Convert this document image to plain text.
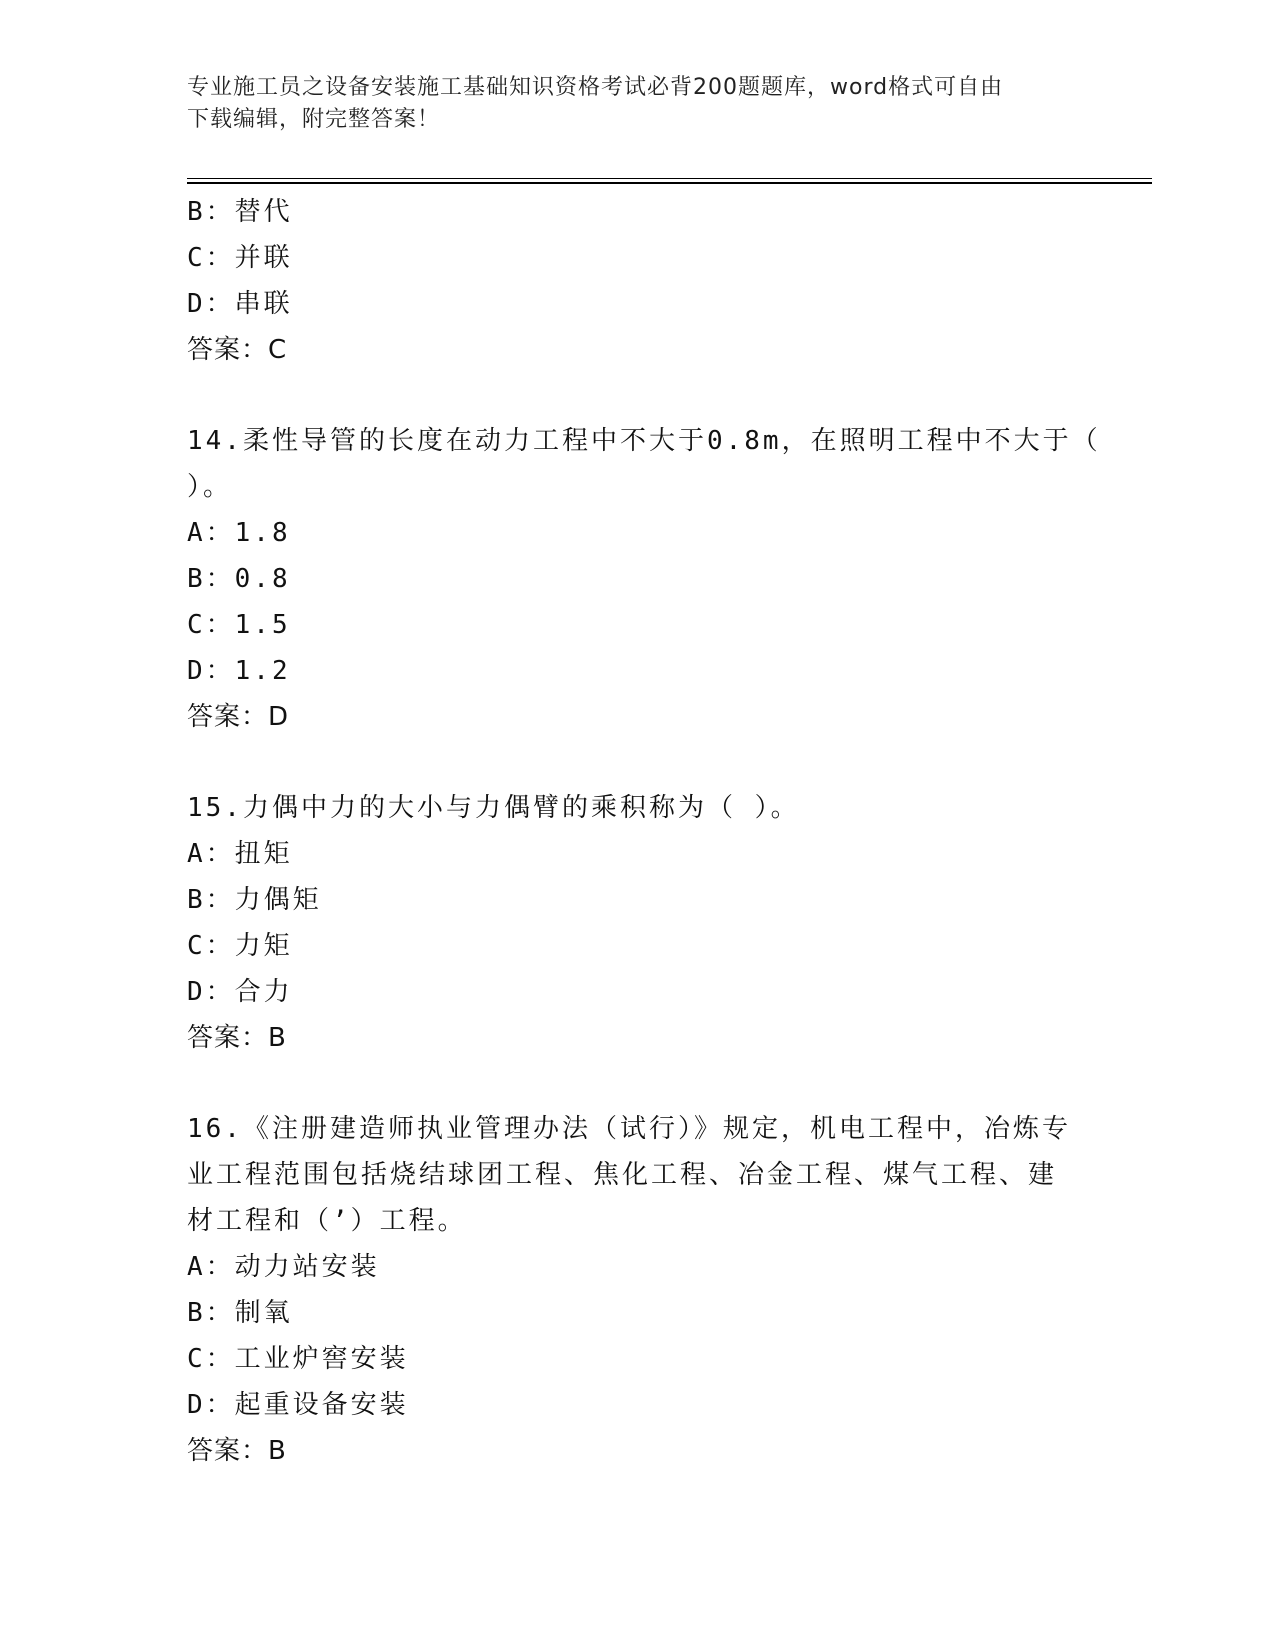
专业施工员之设备安装施工基础知识资格考试必背200题题库，word格式可自由
下载编辑，附完整答案！
B：替代
C：并联
D：串联
答案：C
14.柔性导管的长度在动力工程中不大于0.8m，在照明工程中不大于（
）。
A：1.8
B：0.8
C：1.5
D：1.2
答案：D
15.力偶中力的大小与力偶臂的乘积称为（ ）。
A：扭矩
B：力偶矩
C：力矩
D：合力
答案：B
16.《注册建造师执业管理办法（试行）》规定，机电工程中，冶炼专
业工程范围包括烧结球团工程、焦化工程、冶金工程、煤气工程、建
材工程和（’）工程。
A：动力站安装
B：制氧
C：工业炉窖安装
D：起重设备安装
答案：B
